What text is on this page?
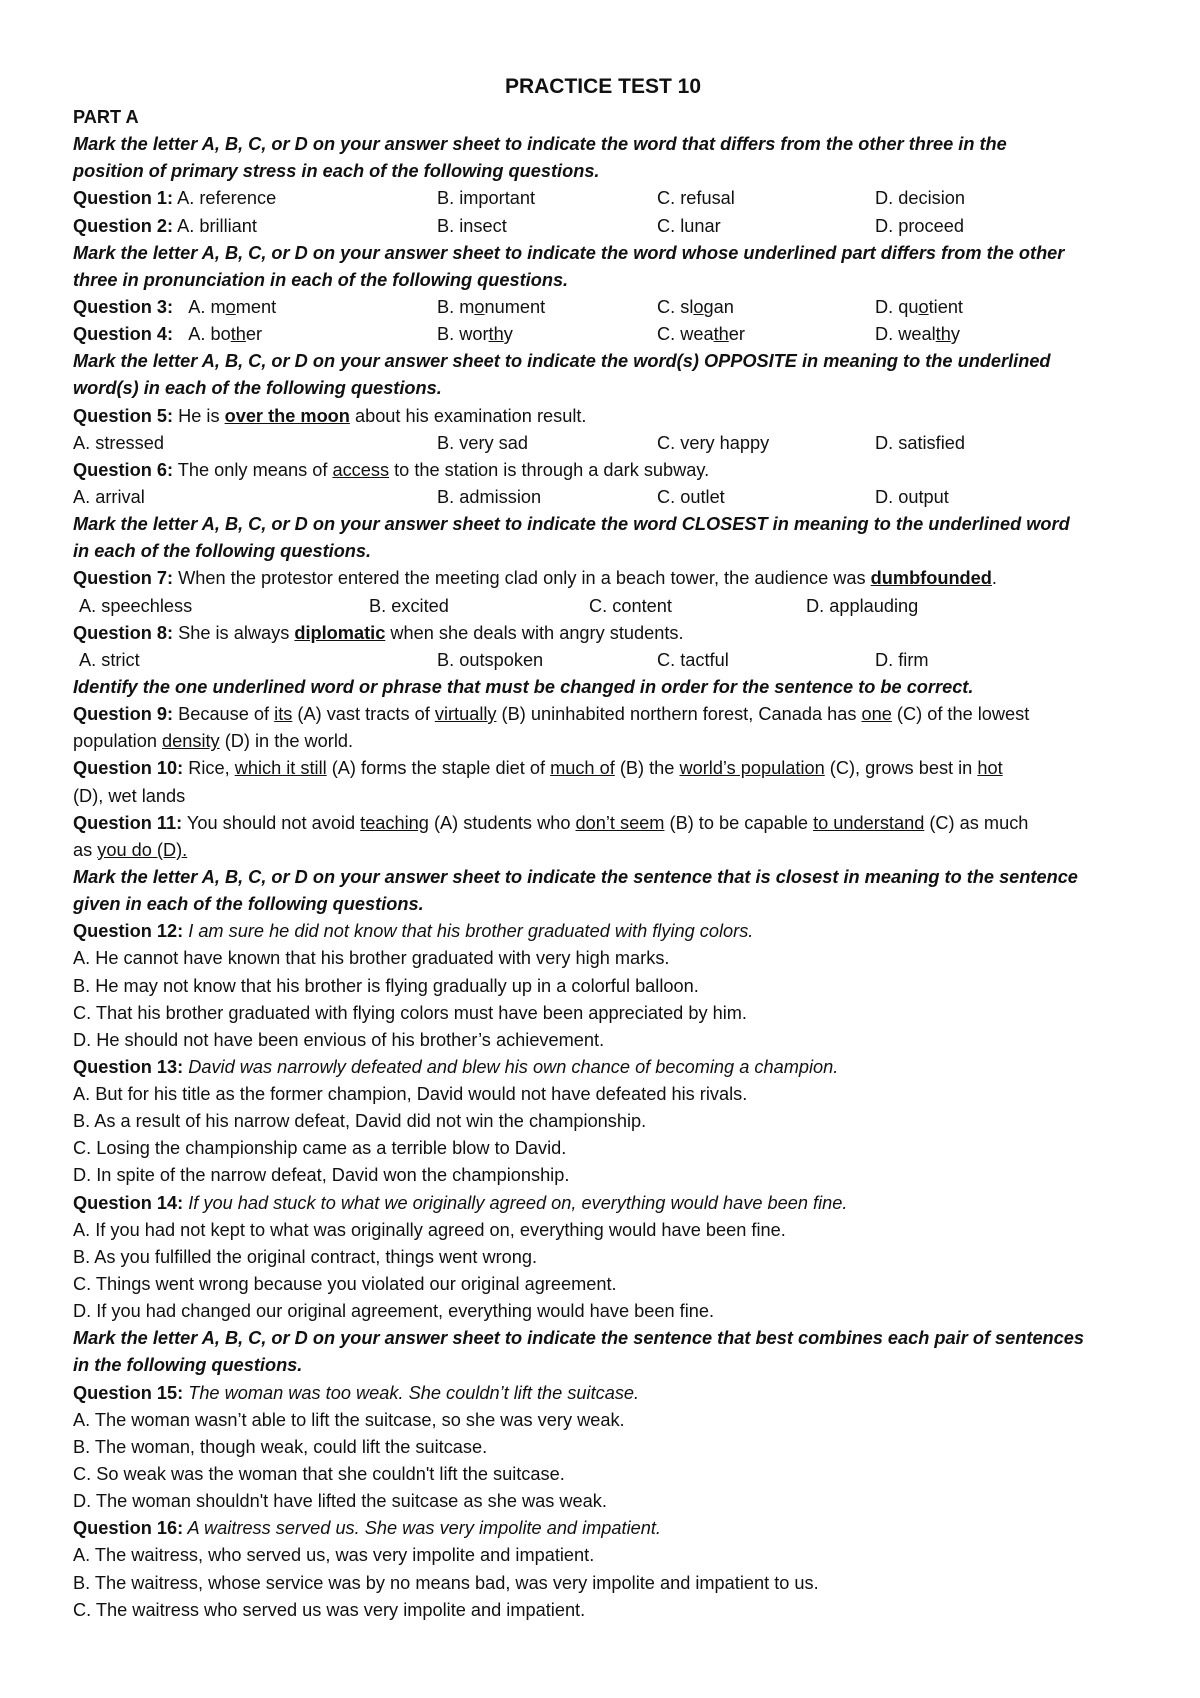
PRACTICE TEST 10
PART A
Mark the letter A, B, C, or D on your answer sheet to indicate the word that differs from the other three in the
position of primary stress in each of the following questions.
Question 1: A. reference	B. important	C. refusal	D. decision
Question 2: A. brilliant	B. insect	C. lunar	D. proceed
Mark the letter A, B, C, or D on your answer sheet to indicate the word whose underlined part differs from the other
three in pronunciation in each of the following questions.
Question 3: A. moment	B. monument	C. slogan	D. quotient
Question 4: A. bother	B. worthy	C. weather	D. wealthy
Mark the letter A, B, C, or D on your answer sheet to indicate the word(s) OPPOSITE in meaning to the underlined
word(s) in each of the following questions.
Question 5: He is over the moon about his examination result.
A. stressed	B. very sad	C. very happy	D. satisfied
Question 6: The only means of access to the station is through a dark subway.
A. arrival	B. admission	C. outlet	D. output
Mark the letter A, B, C, or D on your answer sheet to indicate the word CLOSEST in meaning to the underlined word
in each of the following questions.
Question 7: When the protestor entered the meeting clad only in a beach tower, the audience was dumbfounded.
A. speechless	B. excited	C. content	D. applauding
Question 8: She is always diplomatic when she deals with angry students.
A. strict	B. outspoken	C. tactful	D. firm
Identify the one underlined word or phrase that must be changed in order for the sentence to be correct.
Question 9: Because of its (A) vast tracts of virtually (B) uninhabited northern forest, Canada has one (C) of the lowest
population density (D) in the world.
Question 10: Rice, which it still (A) forms the staple diet of much of (B) the world’s population (C), grows best in hot
(D), wet lands
Question 11: You should not avoid teaching (A) students who don’t seem (B) to be capable to understand (C) as much
as you do (D).
Mark the letter A, B, C, or D on your answer sheet to indicate the sentence that is closest in meaning to the sentence
given in each of the following questions.
Question 12: I am sure he did not know that his brother graduated with flying colors.
A. He cannot have known that his brother graduated with very high marks.
B. He may not know that his brother is flying gradually up in a colorful balloon.
C. That his brother graduated with flying colors must have been appreciated by him.
D. He should not have been envious of his brother’s achievement.
Question 13: David was narrowly defeated and blew his own chance of becoming a champion.
A. But for his title as the former champion, David would not have defeated his rivals.
B. As a result of his narrow defeat, David did not win the championship.
C. Losing the championship came as a terrible blow to David.
D. In spite of the narrow defeat, David won the championship.
Question 14: If you had stuck to what we originally agreed on, everything would have been fine.
A. If you had not kept to what was originally agreed on, everything would have been fine.
B. As you fulfilled the original contract, things went wrong.
C. Things went wrong because you violated our original agreement.
D. If you had changed our original agreement, everything would have been fine.
Mark the letter A, B, C, or D on your answer sheet to indicate the sentence that best combines each pair of sentences
in the following questions.
Question 15: The woman was too weak. She couldn’t lift the suitcase.
A. The woman wasn’t able to lift the suitcase, so she was very weak.
B. The woman, though weak, could lift the suitcase.
C. So weak was the woman that she couldn't lift the suitcase.
D. The woman shouldn't have lifted the suitcase as she was weak.
Question 16: A waitress served us. She was very impolite and impatient.
A. The waitress, who served us, was very impolite and impatient.
B. The waitress, whose service was by no means bad, was very impolite and impatient to us.
C. The waitress who served us was very impolite and impatient.
